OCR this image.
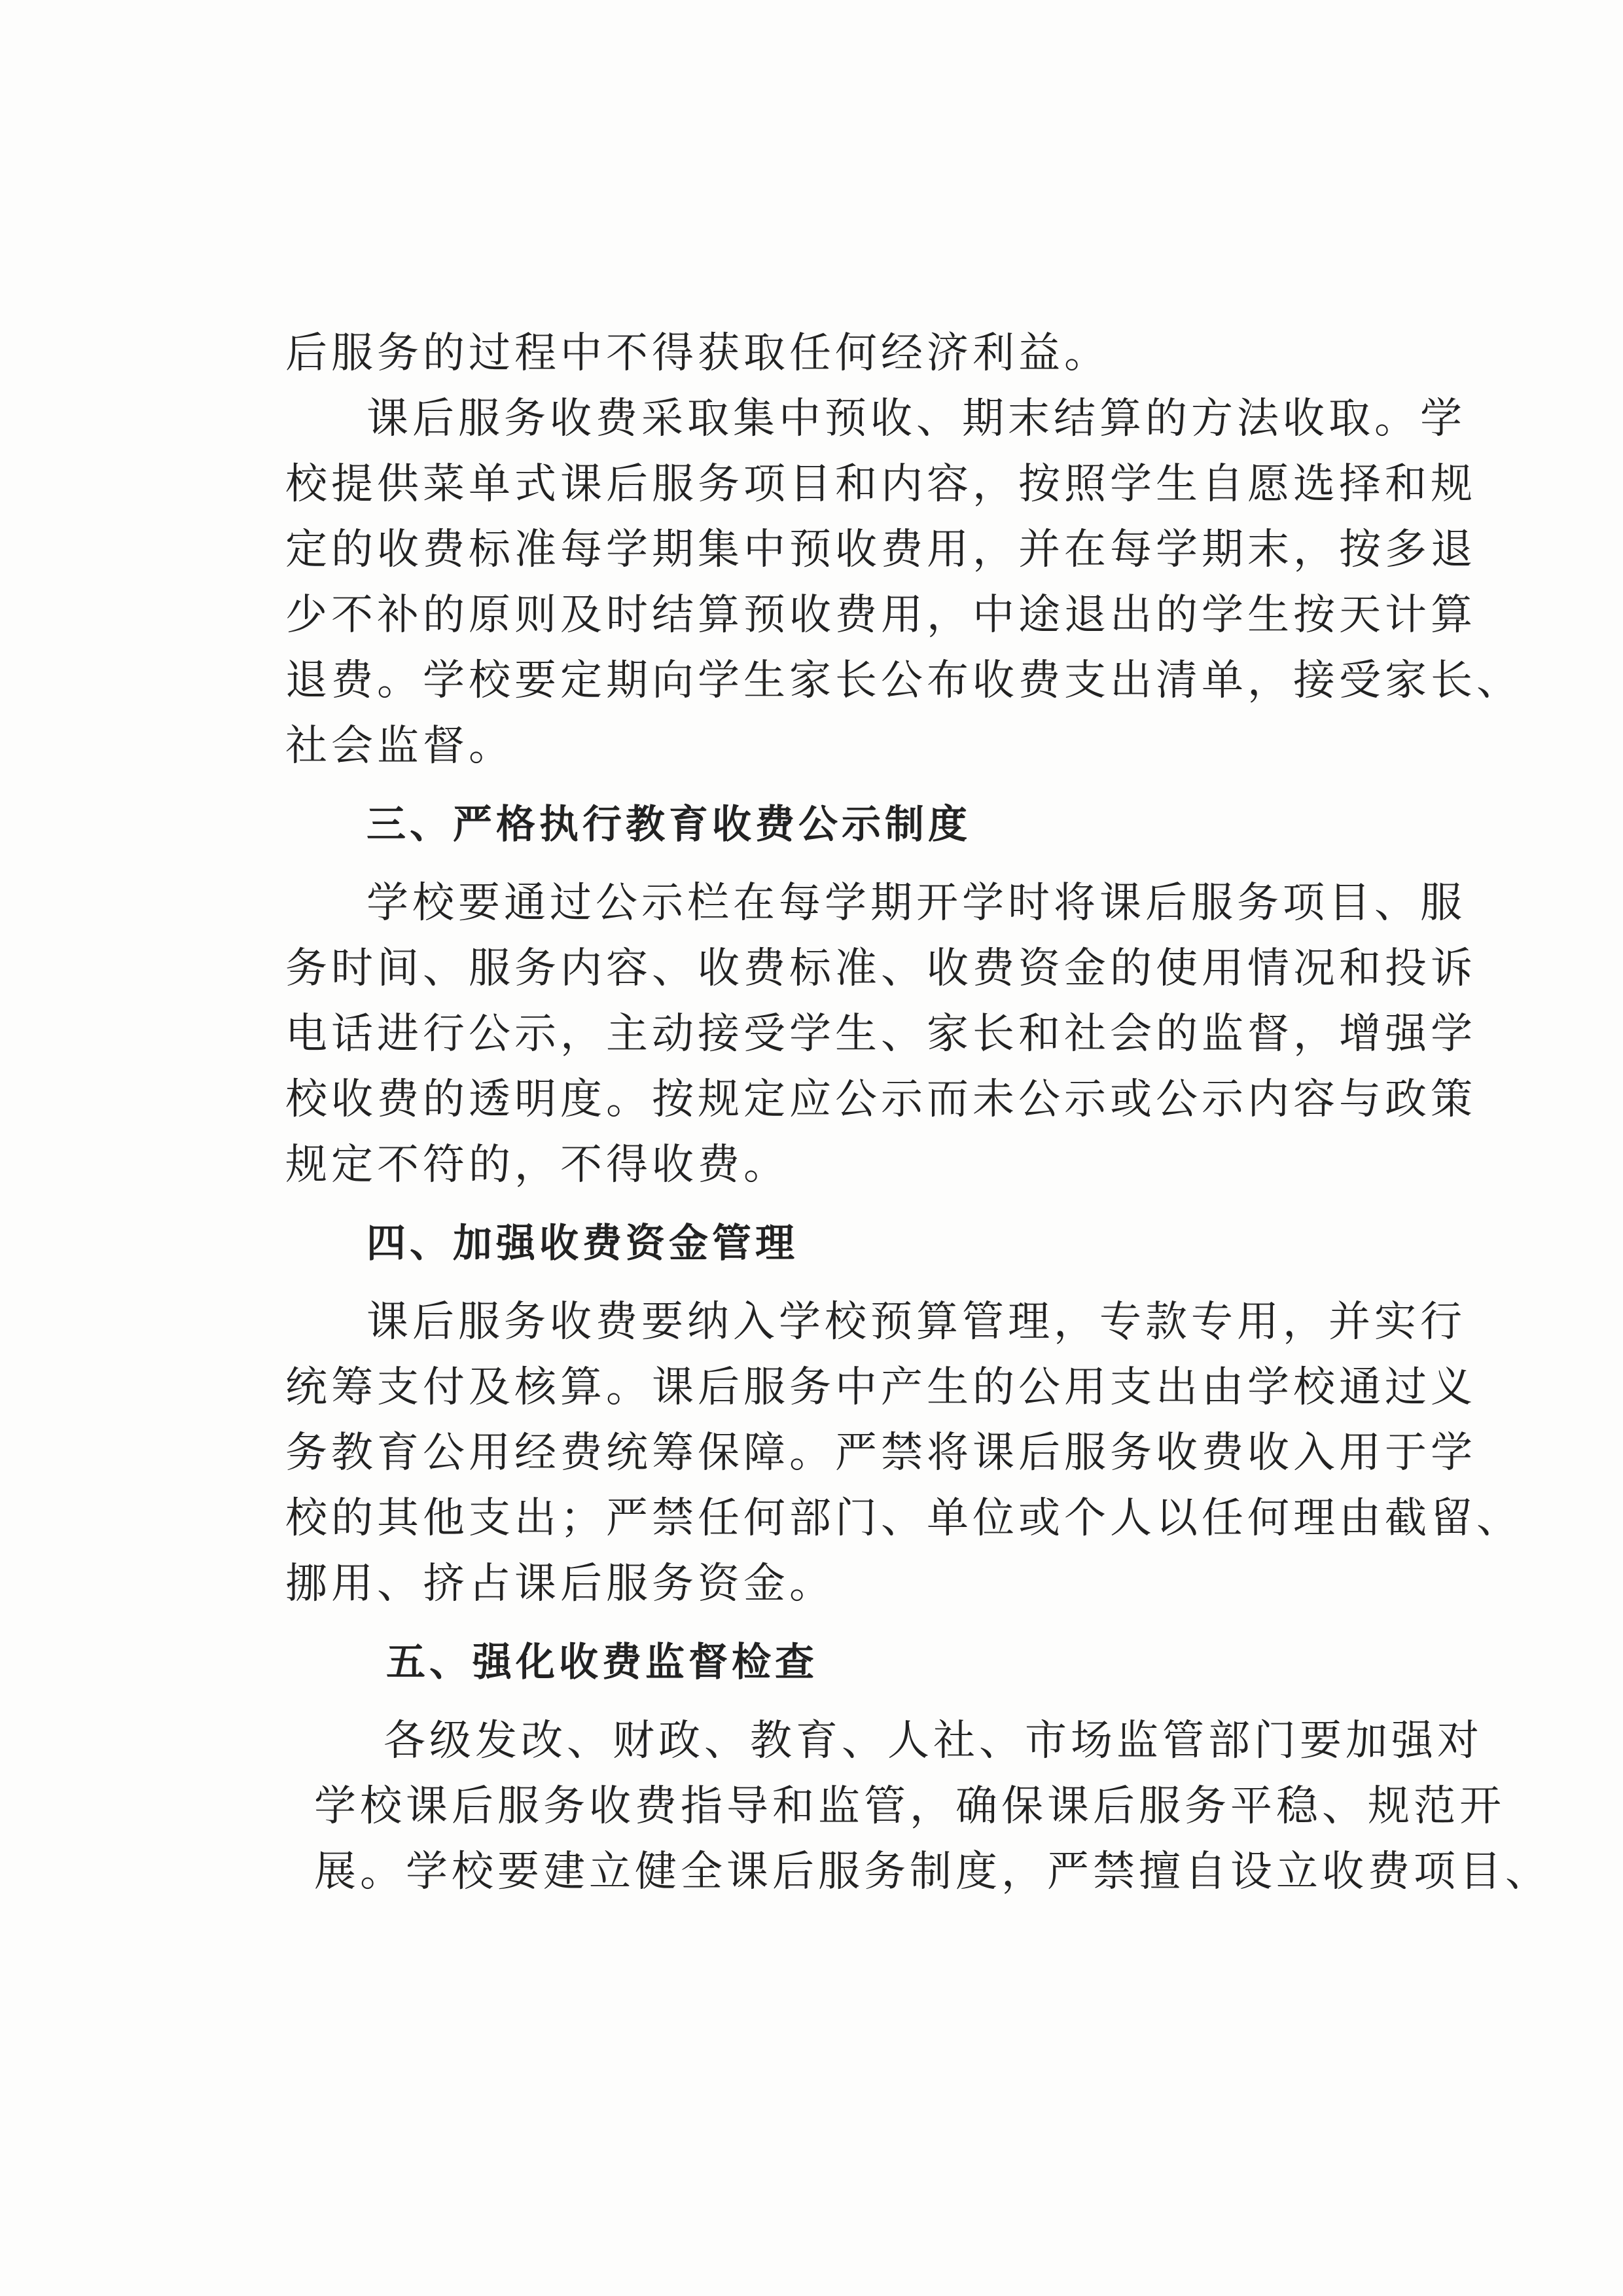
后服务的过程中不得获取任何经济利益。
课后服务收费采取集中预收、期末结算的方法收取。学
校提供菜单式课后服务项目和内容，按照学生自愿选择和规
定的收费标准每学期集中预收费用，并在每学期末，按多退
少不补的原则及时结算预收费用，中途退出的学生按天计算
退费。学校要定期向学生家长公布收费支出清单，接受家长、
社会监督。
三、严格执行教育收费公示制度
学校要通过公示栏在每学期开学时将课后服务项目、服
务时间、服务内容、收费标准、收费资金的使用情况和投诉
电话进行公示，主动接受学生、家长和社会的监督，增强学
校收费的透明度。按规定应公示而未公示或公示内容与政策
规定不符的，不得收费。
四、加强收费资金管理
课后服务收费要纳入学校预算管理，专款专用，并实行
统筹支付及核算。课后服务中产生的公用支出由学校通过义
务教育公用经费统筹保障。严禁将课后服务收费收入用于学
校的其他支出；严禁任何部门、单位或个人以任何理由截留、
挪用、挤占课后服务资金。
五、强化收费监督检查
各级发改、财政、教育、人社、市场监管部门要加强对
学校课后服务收费指导和监管，确保课后服务平稳、规范开
展。学校要建立健全课后服务制度，严禁擅自设立收费项目、
